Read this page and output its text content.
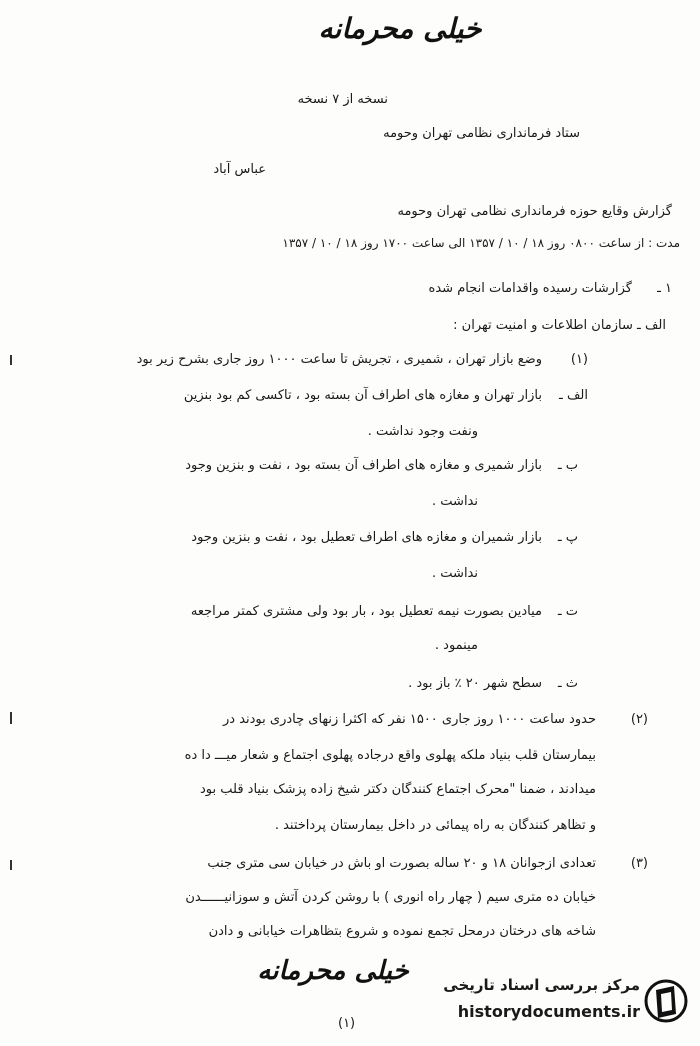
خیلی محرمانه
نسخه از ٧ نسخه
ستاد فرمانداری نظامی تهران وحومه
عباس آباد
گزارش وقایع حوزه فرمانداری نظامی تهران وحومه
مدت : از ساعت ۰۸۰۰ روز ۱۸ / ۱۰ / ۱۳۵۷ الی ساعت ۱۷۰۰ روز ۱۸ / ۱۰ / ۱۳۵۷
۱ ـ
گزارشات رسیده واقدامات انجام شده
الف ـ سازمان اطلاعات و امنیت تهران :
(۱)
وضع بازار تهران ، شمیری ، تجریش تا ساعت ۱۰۰۰ روز جاری بشرح زیر بود
الف ـ
بازار تهران و مغازه های اطراف آن بسته بود ، تاکسی کم بود بنزین
ونفت وجود نداشت .
ب ـ
بازار شمیری و مغازه های اطراف آن بسته بود ، نفت و بنزین وجود
نداشت .
پ ـ
بازار شمیران و مغازه های اطراف تعطیل بود ، نفت و بنزین وجود
نداشت .
ت ـ
میادین بصورت نیمه تعطیل بود ، بار بود ولی مشتری کمتر مراجعه
مینمود .
ث ـ
سطح شهر ۲۰ ٪ باز بود .
(۲)
حدود ساعت ۱۰۰۰ روز جاری ۱۵۰۰ نفر که اکثرا زنهای چادری بودند در
بیمارستان قلب بنیاد ملکه پهلوی واقع درجاده پهلوی اجتماع و شعار میـــ دا ده
میدادند ، ضمنا "محرک اجتماع کنندگان دکتر شیخ زاده پزشک بنیاد قلب بود
و تظاهر کنندگان به راه پیمائی در داخل بیمارستان پرداختند .
(۳)
تعدادی ازجوانان ۱۸ و ۲۰ ساله بصورت او باش در خیابان سی متری جنب
خیابان ده متری سیم ( چهار راه انوری ) با روشن کردن آتش و سوزانیــــــدن
شاخه های درختان درمحل تجمع نموده و شروع بتظاهرات خیابانی و دادن
خیلی محرمانه
(۱)
مرکز بررسی اسناد تاریخی
historydocuments.ir
